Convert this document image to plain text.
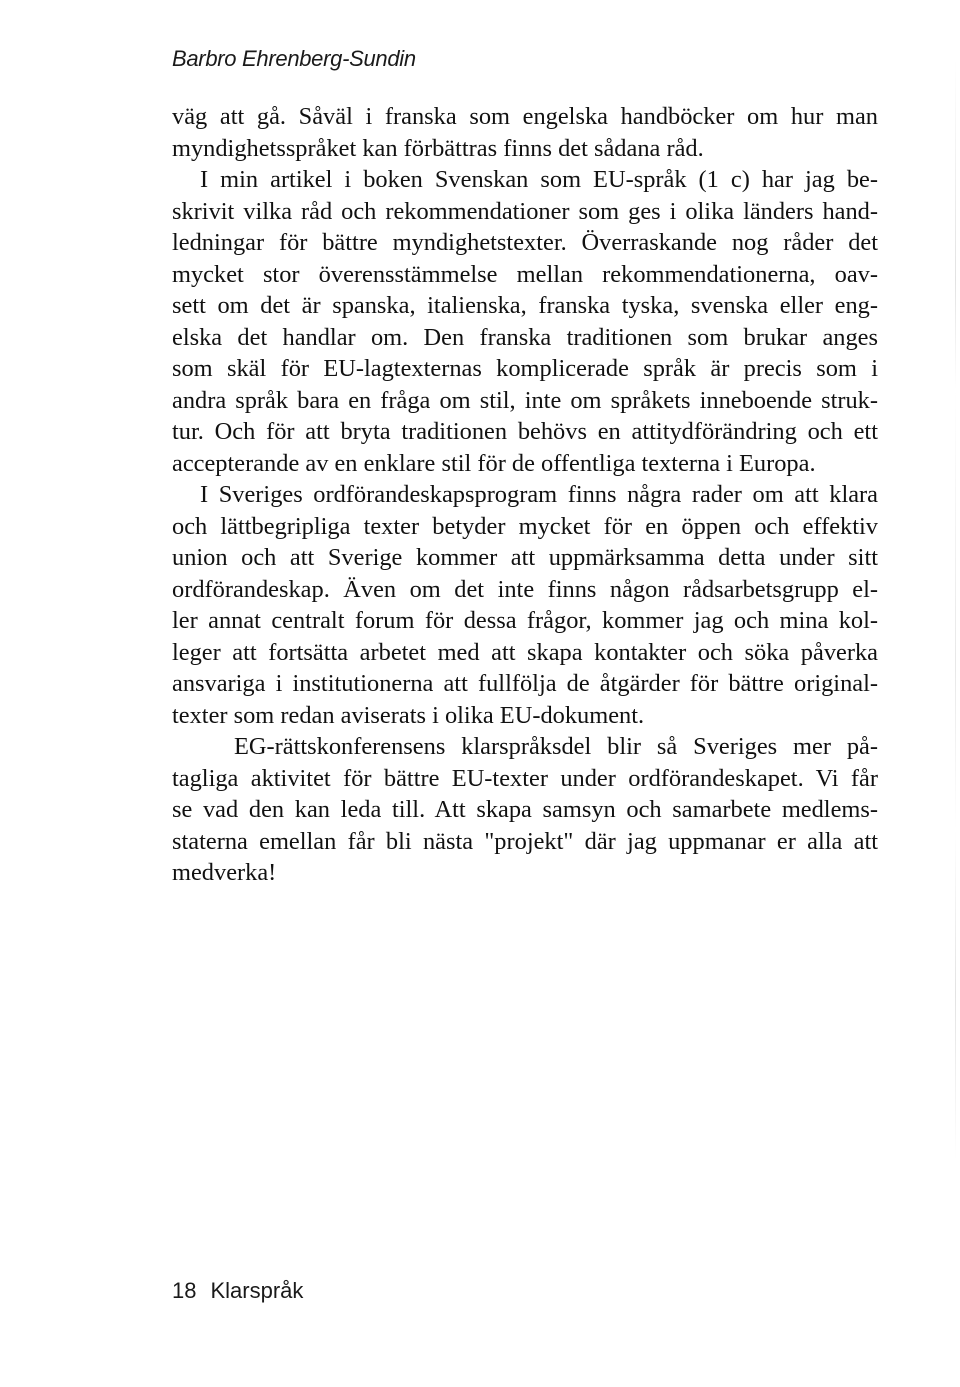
Barbro Ehrenberg-Sundin
väg att gå. Såväl i franska som engelska handböcker om hur man
myndighetsspråket kan förbättras finns det sådana råd.
I min artikel i boken Svenskan som EU-språk (1 c) har jag be-
skrivit vilka råd och rekommendationer som ges i olika länders hand-
ledningar för bättre myndighetstexter. Överraskande nog råder det
mycket stor överensstämmelse mellan rekommendationerna, oav-
sett om det är spanska, italienska, franska tyska, svenska eller eng-
elska det handlar om. Den franska traditionen som brukar anges
som skäl för EU-lagtexternas komplicerade språk är precis som i
andra språk bara en fråga om stil, inte om språkets inneboende struk-
tur. Och för att bryta traditionen behövs en attitydförändring och ett
accepterande av en enklare stil för de offentliga texterna i Europa.
I Sveriges ordförandeskapsprogram finns några rader om att klara
och lättbegripliga texter betyder mycket för en öppen och effektiv
union och att Sverige kommer att uppmärksamma detta under sitt
ordförandeskap. Även om det inte finns någon rådsarbetsgrupp el-
ler annat centralt forum för dessa frågor, kommer jag och mina kol-
leger att fortsätta arbetet med att skapa kontakter och söka påverka
ansvariga i institutionerna att fullfölja de åtgärder för bättre original-
texter som redan aviserats i olika EU-dokument.
EG-rättskonferensens klarspråksdel blir så Sveriges mer på-
tagliga aktivitet för bättre EU-texter under ordförandeskapet. Vi får
se vad den kan leda till. Att skapa samsyn och samarbete medlems-
staterna emellan får bli nästa "projekt" där jag uppmanar er alla att
medverka!
18 Klarspråk
